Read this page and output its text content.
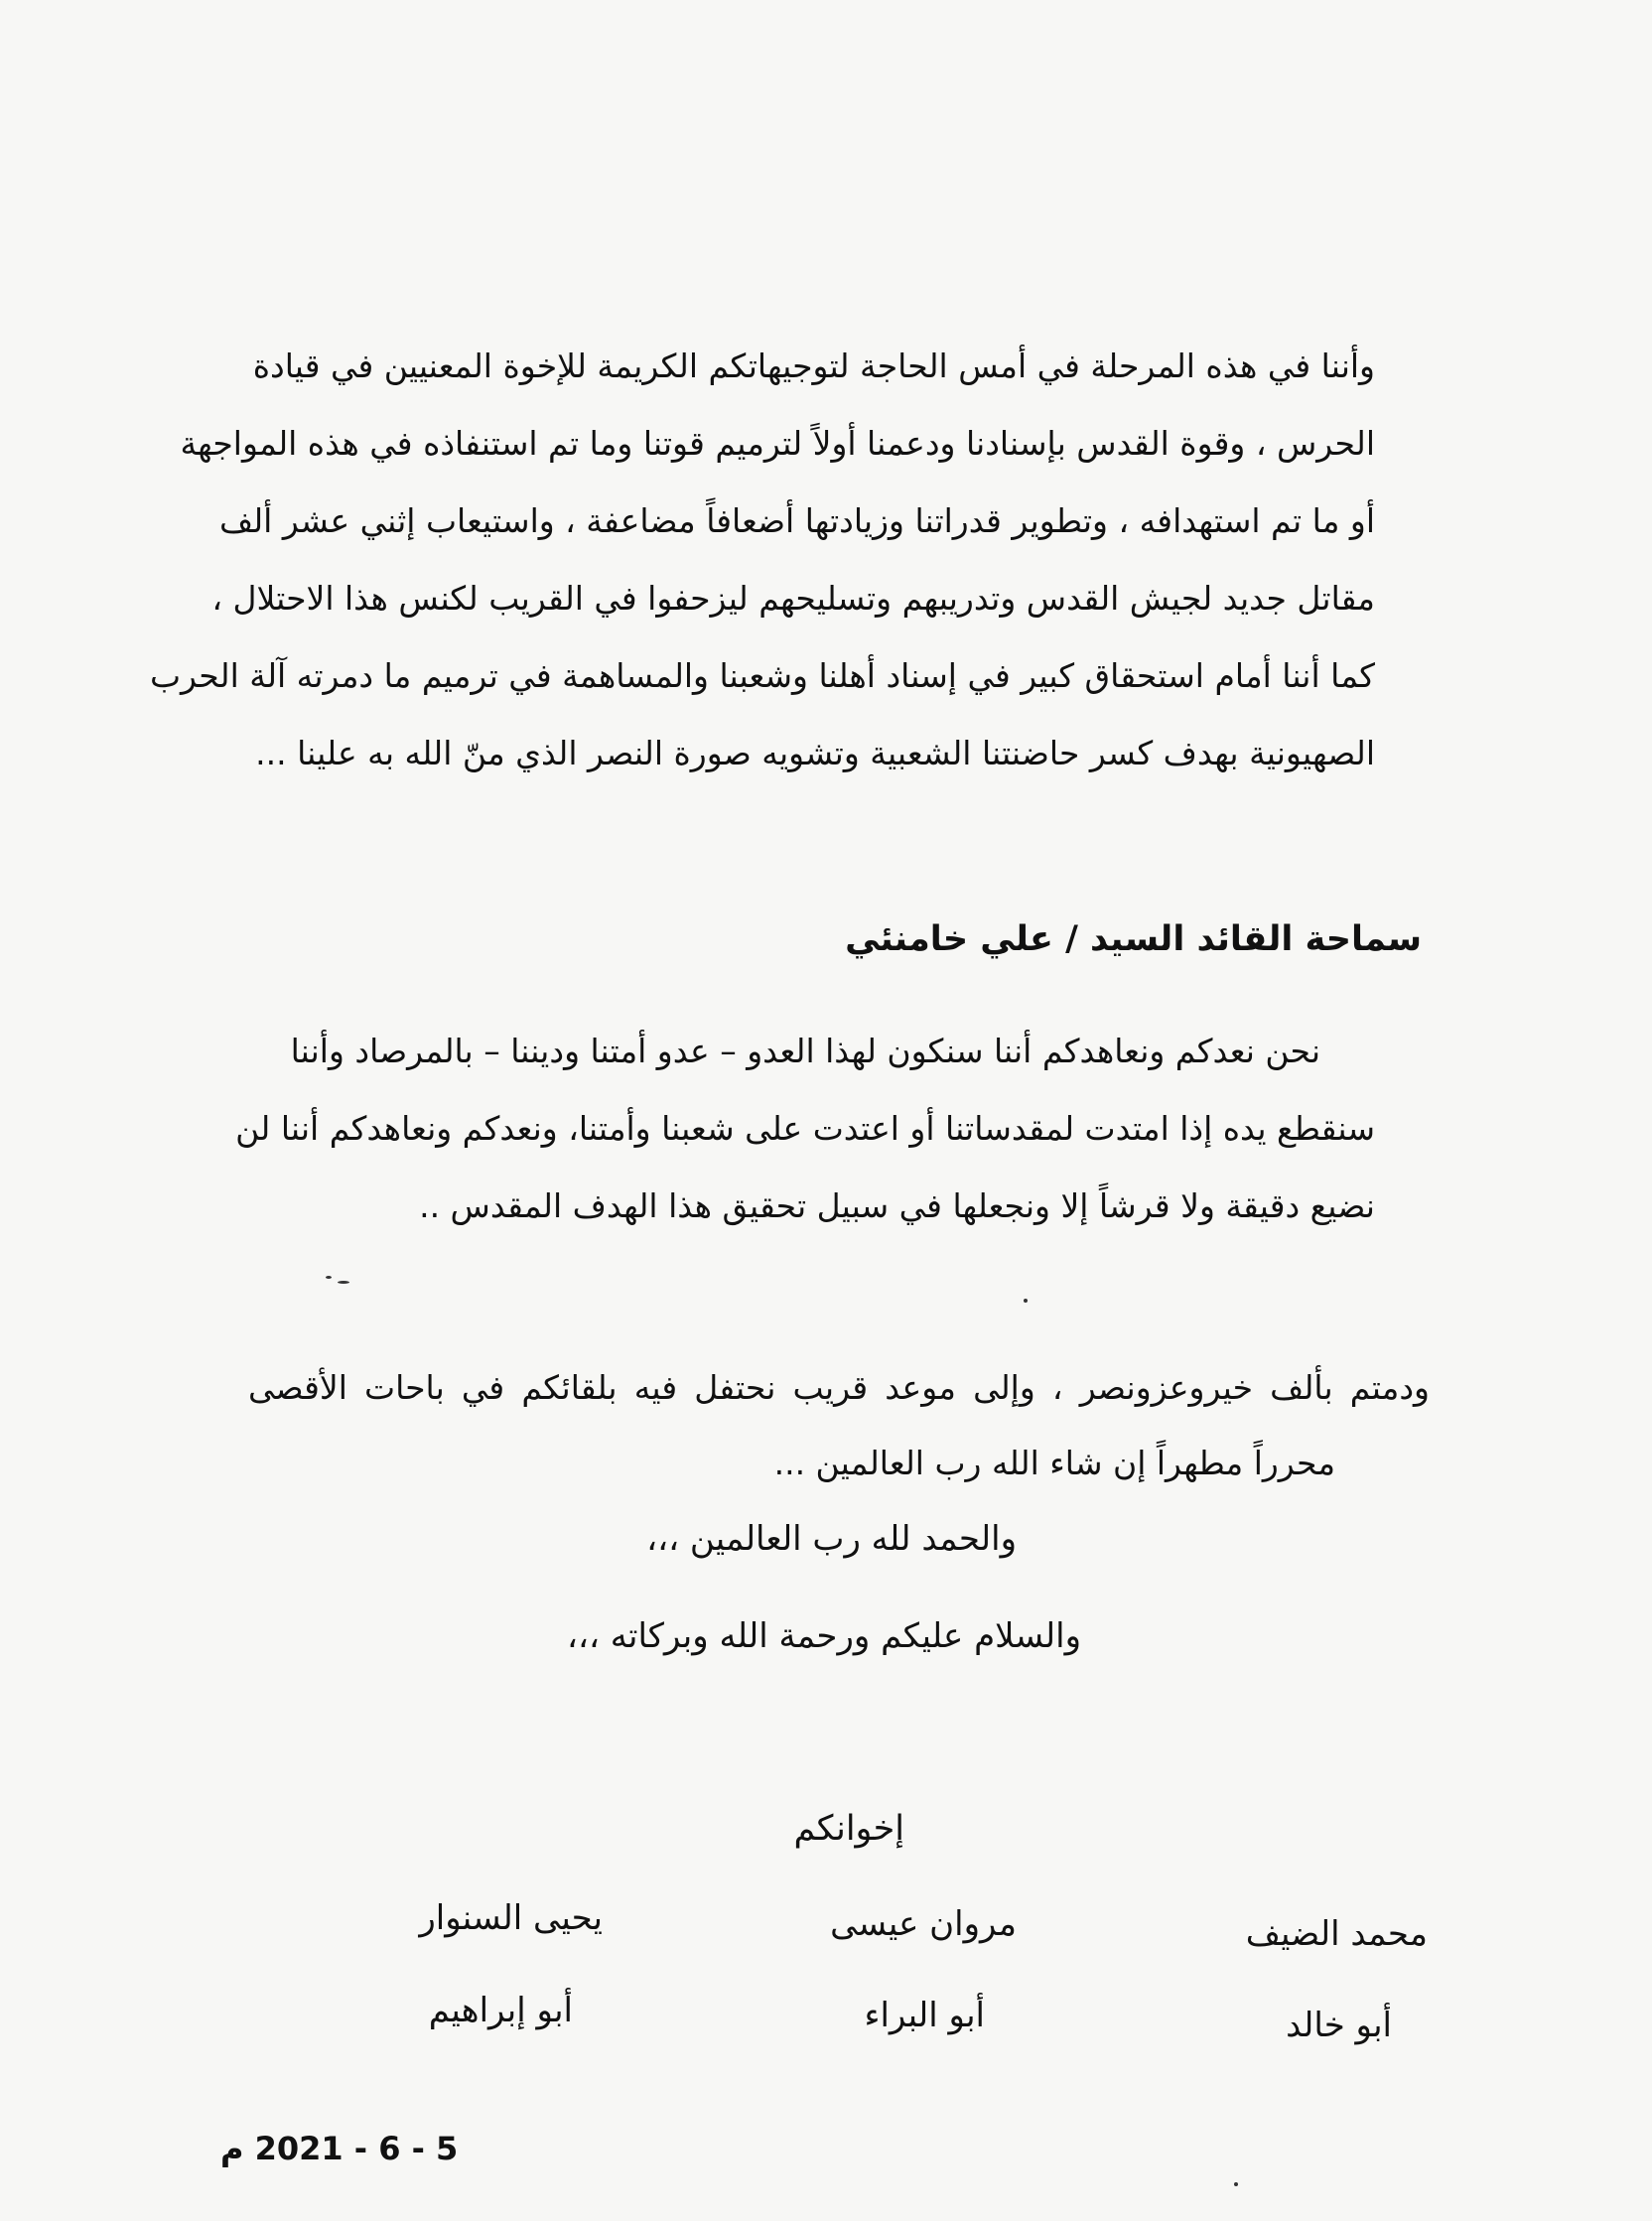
وأننا في هذه المرحلة في أمس الحاجة لتوجيهاتكم الكريمة للإخوة المعنيين في قيادة
الحرس ، وقوة القدس بإسنادنا ودعمنا أولاً لترميم قوتنا وما تم استنفاذه في هذه المواجهة
أو ما تم استهدافه ، وتطوير قدراتنا وزيادتها أضعافاً مضاعفة ، واستيعاب إثني عشر ألف
مقاتل جديد لجيش القدس وتدريبهم وتسليحهم ليزحفوا في القريب لكنس هذا الاحتلال ،
كما أننا أمام استحقاق كبير في إسناد أهلنا وشعبنا والمساهمة في ترميم ما دمرته آلة الحرب
الصهيونية بهدف كسر حاضنتنا الشعبية وتشويه صورة النصر الذي منّ الله به علينا ...
سماحة القائد السيد / علي خامنئي
نحن نعدكم ونعاهدكم أننا سنكون لهذا العدو – عدو أمتنا وديننا – بالمرصاد وأننا
سنقطع يده إذا امتدت لمقدساتنا أو اعتدت على شعبنا وأمتنا، ونعدكم ونعاهدكم أننا لن
نضيع دقيقة ولا قرشاً إلا ونجعلها في سبيل تحقيق هذا الهدف المقدس ..
ودمتم بألف خيروعزونصر ، وإلى موعد قريب نحتفل فيه بلقائكم في باحات الأقصى
محرراً مطهراً إن شاء الله رب العالمين ...
والحمد لله رب العالمين ،،،
والسلام عليكم ورحمة الله وبركاته ،،،
إخوانكم
محمد الضيف
مروان عيسى
يحيى السنوار
أبو خالد
أبو البراء
أبو إبراهيم
5 - 6 - 2021 م
